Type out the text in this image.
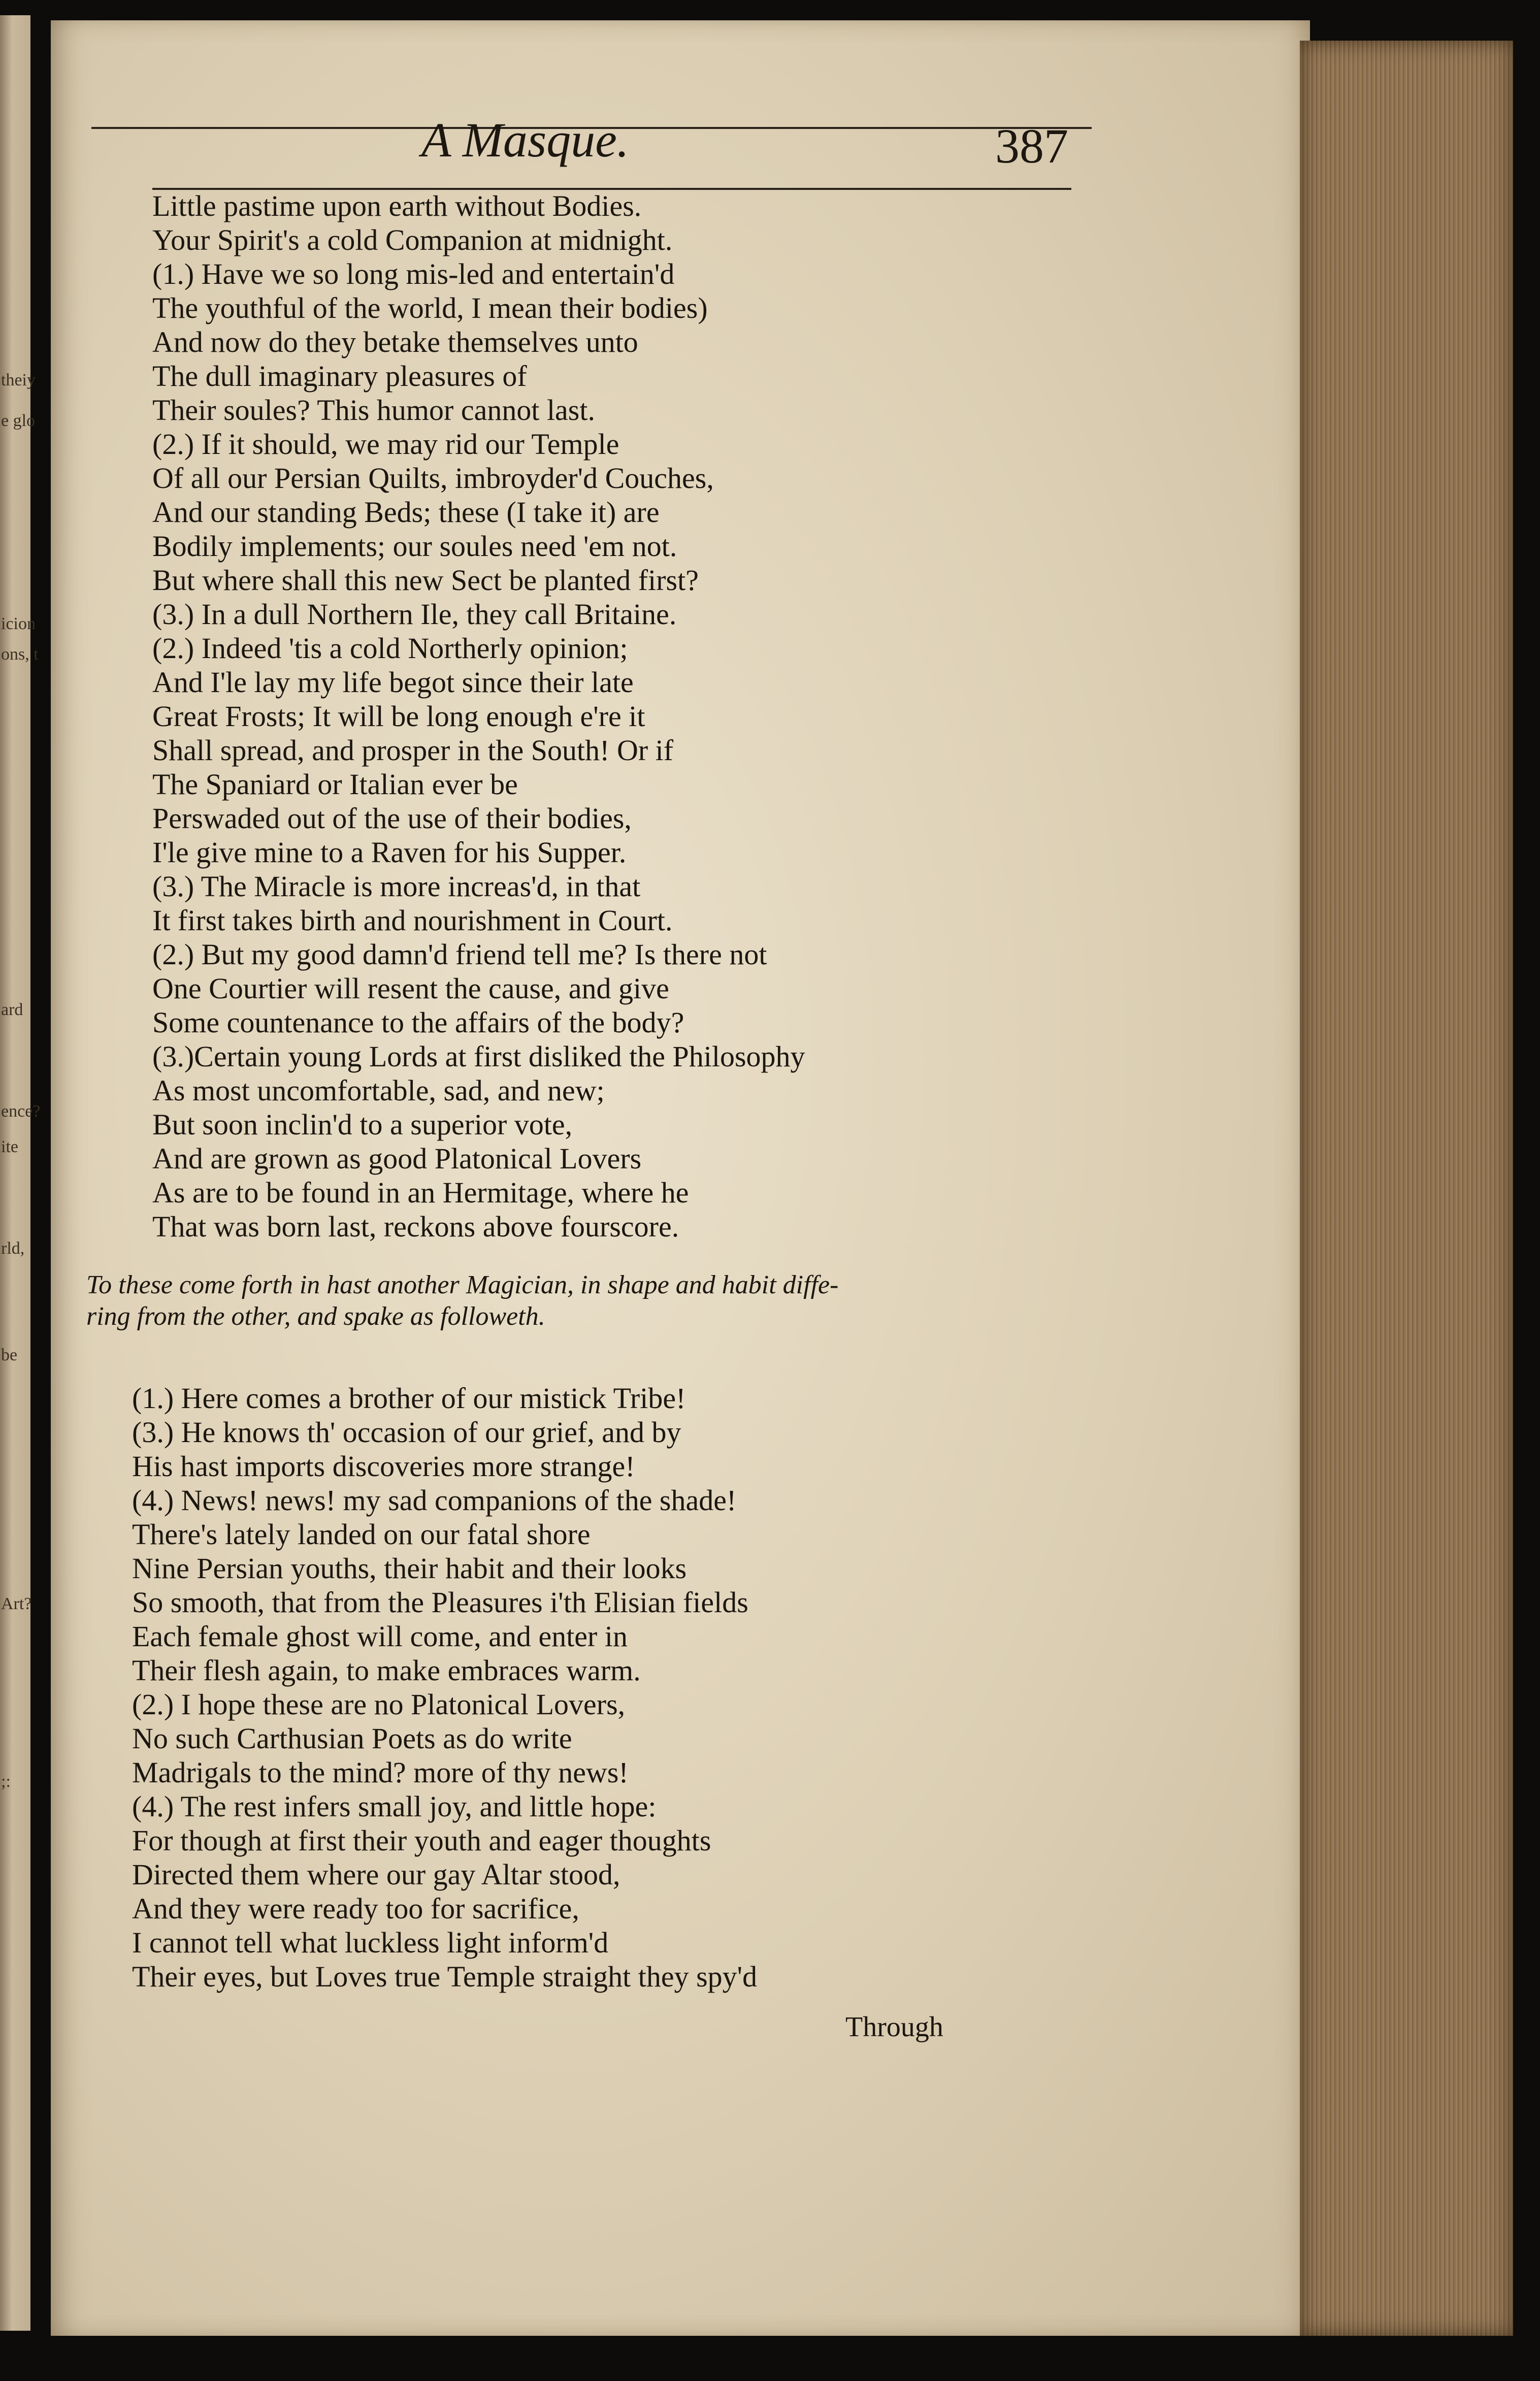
theiy
e glo
icion
ons, t
ard
ence?
ite
rld,
be
Art?
;:
A Masque.	387
Little pastime upon earth without Bodies.
Your Spirit's a cold Companion at midnight.
(1.) Have we so long mis-led and entertain'd
The youthful of the world, I mean their bodies)
And now do they betake themselves unto
The dull imaginary pleasures of
Their soules? This humor cannot last.
(2.) If it should, we may rid our Temple
Of all our Persian Quilts, imbroyder'd Couches,
And our standing Beds; these (I take it) are
Bodily implements; our soules need 'em not.
But where shall this new Sect be planted first?
(3.) In a dull Northern Ile, they call Britaine.
(2.) Indeed 'tis a cold Northerly opinion;
And I'le lay my life begot since their late
Great Frosts; It will be long enough e're it
Shall spread, and prosper in the South! Or if
The Spaniard or Italian ever be
Perswaded out of the use of their bodies,
I'le give mine to a Raven for his Supper.
(3.) The Miracle is more increas'd, in that
It first takes birth and nourishment in Court.
(2.) But my good damn'd friend tell me? Is there not
One Courtier will resent the cause, and give
Some countenance to the affairs of the body?
(3.)Certain young Lords at first disliked the Philosophy
As most uncomfortable, sad, and new;
But soon inclin'd to a superior vote,
And are grown as good Platonical Lovers
As are to be found in an Hermitage, where he
That was born last, reckons above fourscore.
To these come forth in hast another Magician, in shape and habit diffe-
ring from the other, and spake as followeth.
(1.) Here comes a brother of our mistick Tribe!
(3.) He knows th' occasion of our grief, and by
His hast imports discoveries more strange!
(4.) News! news! my sad companions of the shade!
There's lately landed on our fatal shore
Nine Persian youths, their habit and their looks
So smooth, that from the Pleasures i'th Elisian fields
Each female ghost will come, and enter in
Their flesh again, to make embraces warm.
(2.) I hope these are no Platonical Lovers,
No such Carthusian Poets as do write
Madrigals to the mind? more of thy news!
(4.) The rest infers small joy, and little hope:
For though at first their youth and eager thoughts
Directed them where our gay Altar stood,
And they were ready too for sacrifice,
I cannot tell what luckless light inform'd
Their eyes, but Loves true Temple straight they spy'd
Through
